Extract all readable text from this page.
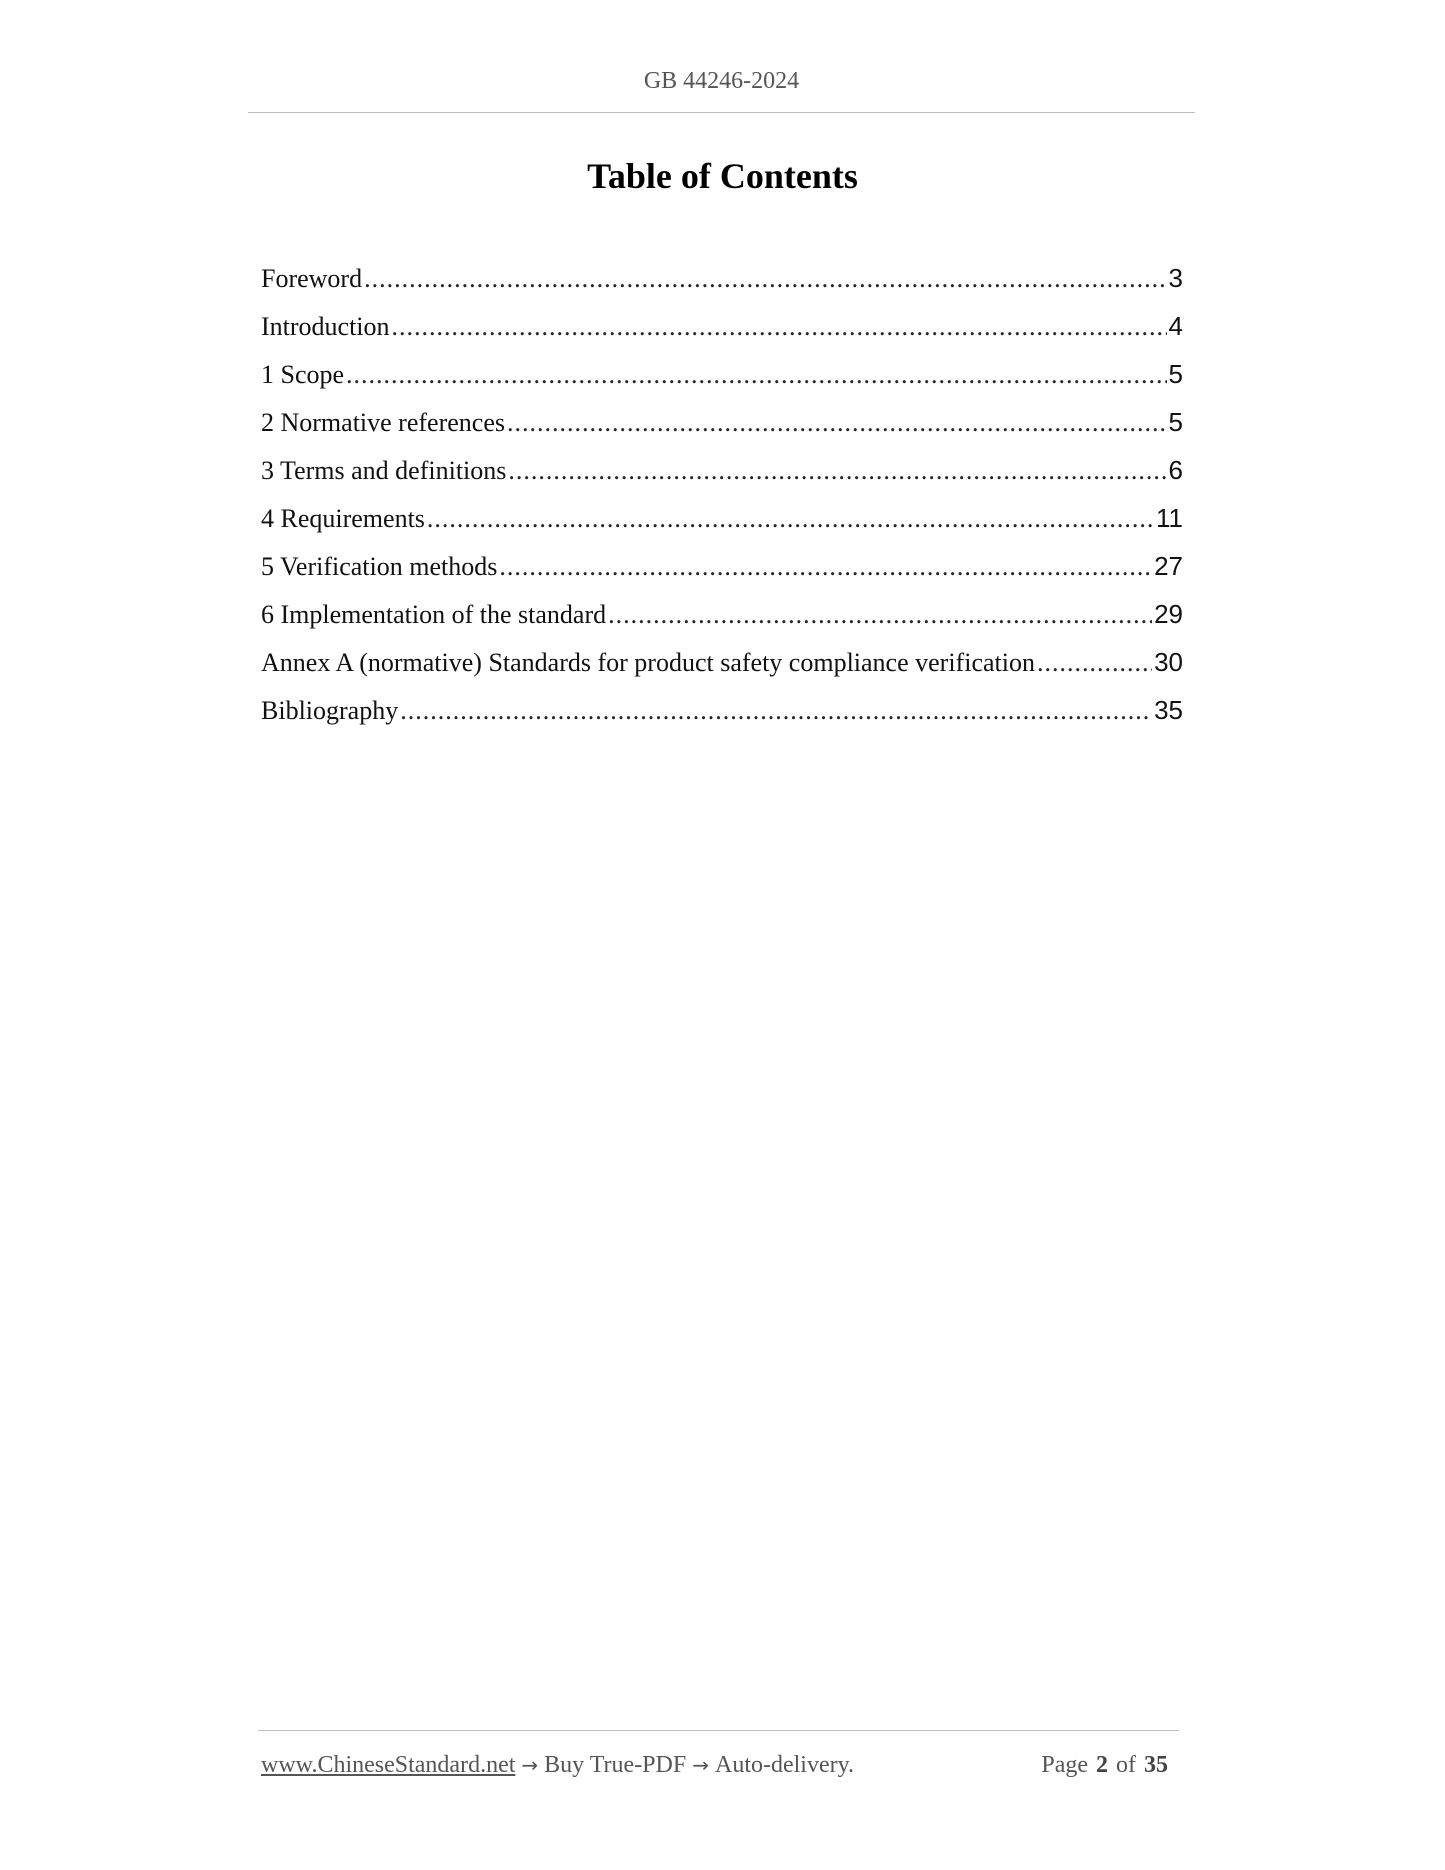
GB 44246-2024
Table of Contents
Foreword .....	3
Introduction .....	4
1 Scope .....	5
2 Normative references .....	5
3 Terms and definitions .....	6
4 Requirements .....	11
5 Verification methods .....	27
6 Implementation of the standard .....	29
Annex A (normative) Standards for product safety compliance verification .....	30
Bibliography .....	35
www.ChineseStandard.net → Buy True-PDF → Auto-delivery.	Page 2 of 35
